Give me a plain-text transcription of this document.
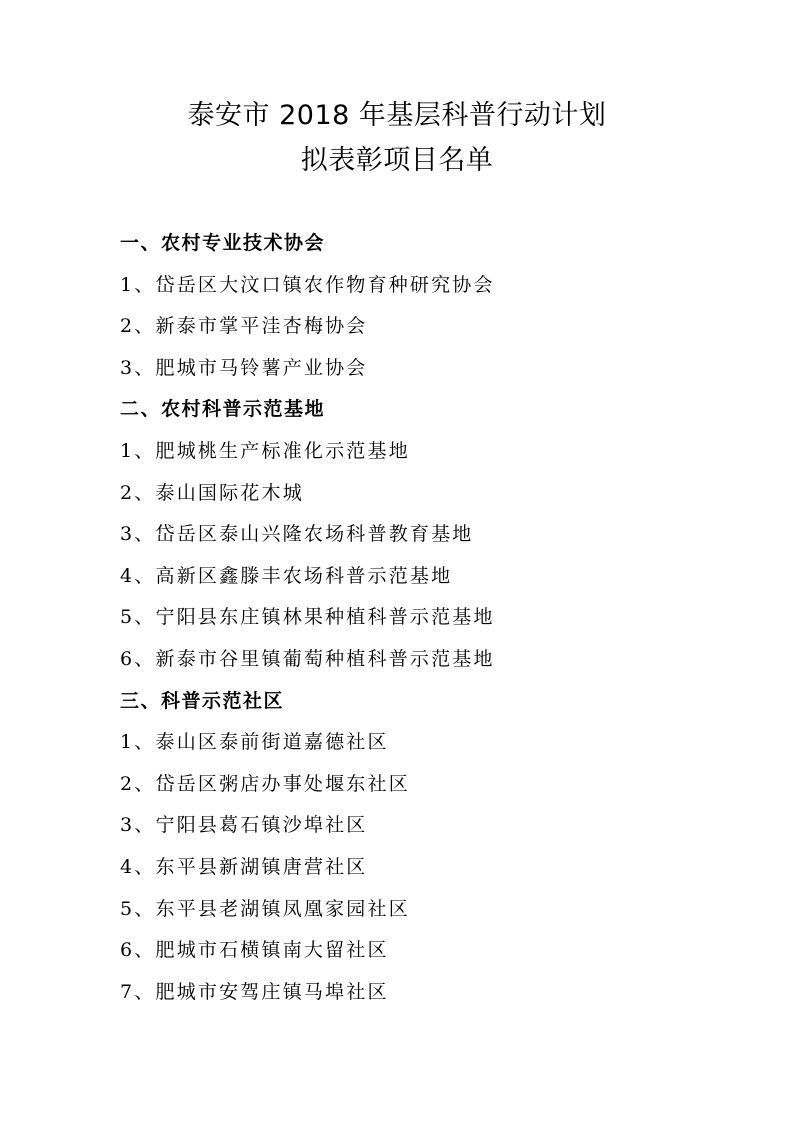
泰安市 2018 年基层科普行动计划
拟表彰项目名单
一、农村专业技术协会
1、岱岳区大汶口镇农作物育种研究协会
2、新泰市掌平洼杏梅协会
3、肥城市马铃薯产业协会
二、农村科普示范基地
1、肥城桃生产标准化示范基地
2、泰山国际花木城
3、岱岳区泰山兴隆农场科普教育基地
4、高新区鑫滕丰农场科普示范基地
5、宁阳县东庄镇林果种植科普示范基地
6、新泰市谷里镇葡萄种植科普示范基地
三、科普示范社区
1、泰山区泰前街道嘉德社区
2、岱岳区粥店办事处堰东社区
3、宁阳县葛石镇沙埠社区
4、东平县新湖镇唐营社区
5、东平县老湖镇凤凰家园社区
6、肥城市石横镇南大留社区
7、肥城市安驾庄镇马埠社区
